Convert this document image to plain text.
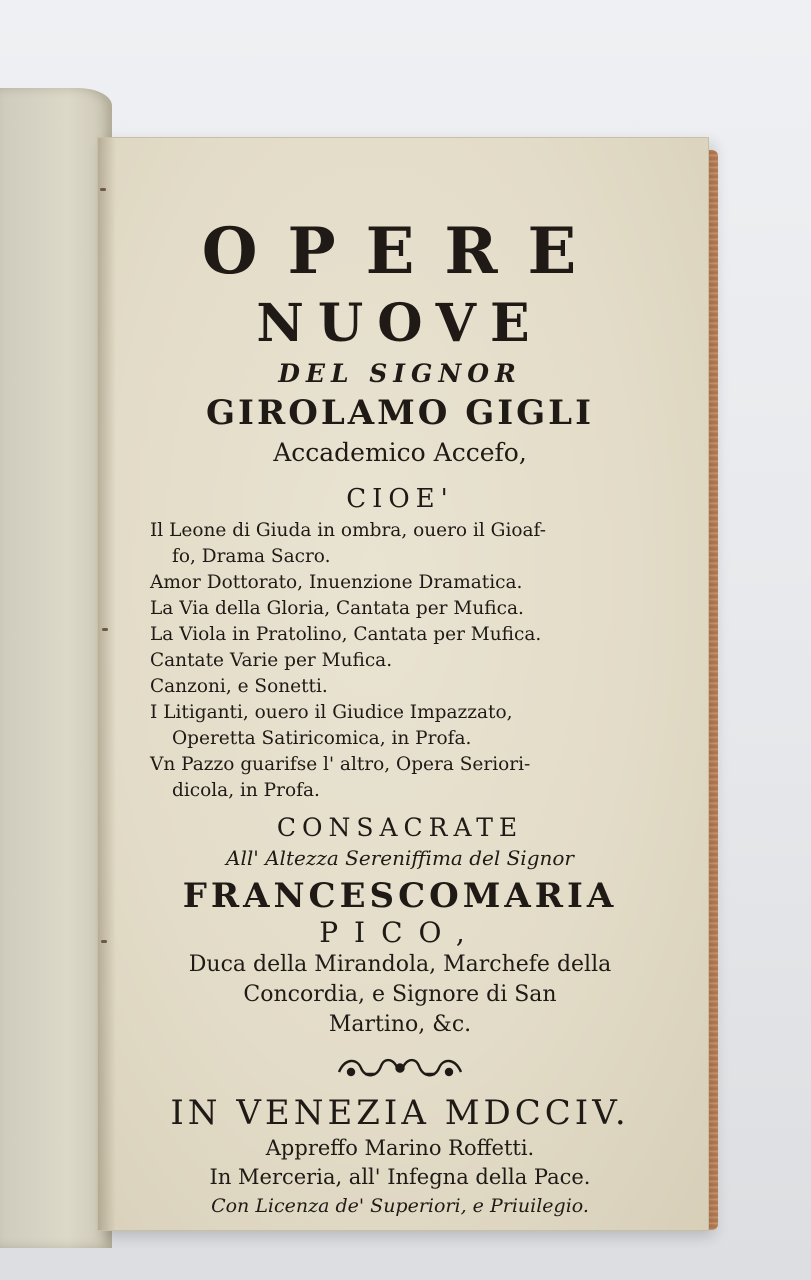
OPERE
NUOVE
DEL SIGNOR
GIROLAMO GIGLI
Accademico Accefo,
CIOE'
Il Leone di Giuda in ombra, ouero il Gioaf-
fo, Drama Sacro.
Amor Dottorato, Inuenzione Dramatica.
La Via della Gloria, Cantata per Mufica.
La Viola in Pratolino, Cantata per Mufica.
Cantate Varie per Mufica.
Canzoni, e Sonetti.
I Litiganti, ouero il Giudice Impazzato,
Operetta Satiricomica, in Profa.
Vn Pazzo guarifse l' altro, Opera Seriori-
dicola, in Profa.
CONSACRATE
All' Altezza Sereniffima del Signor
FRANCESCOMARIA
PICO,
Duca della Mirandola, Marchefe della
Concordia, e Signore di San
Martino, &c.
IN VENEZIA MDCCIV.
Appreffo Marino Roffetti.
In Merceria, all' Infegna della Pace.
Con Licenza de' Superiori, e Priuilegio.
